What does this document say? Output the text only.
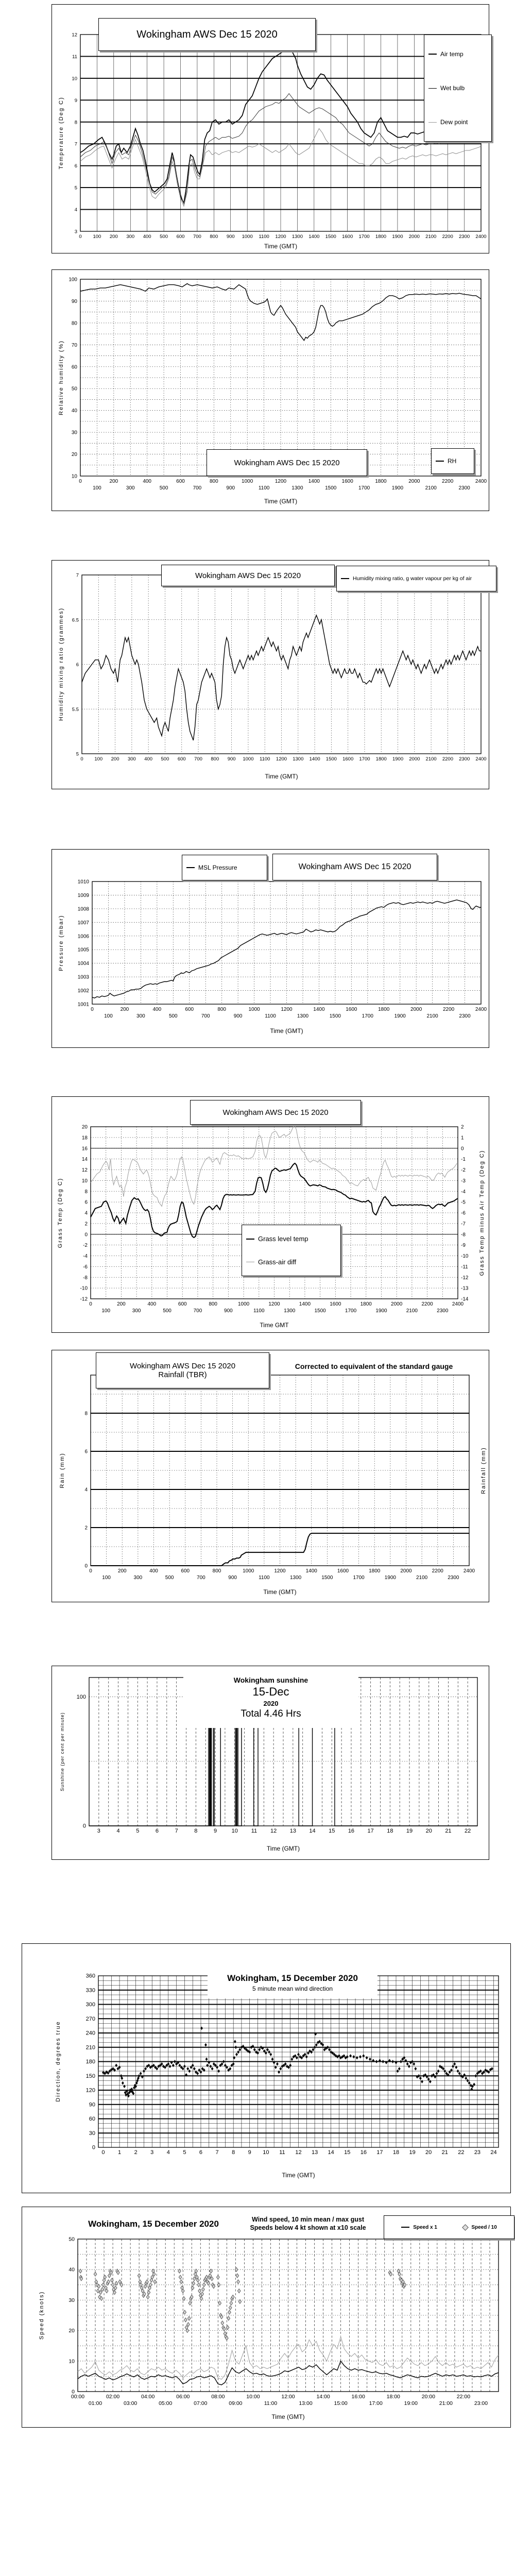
0 100 200 300 400 500 600 700 800 900 1000 1100 1200 1300 1400 1500 1600 1700 1800 1900 2000 2100 2200 2300 2400
3
4
5
6
7
8
9
10
11
12	Wokingham AWS Dec 15 2020
Air temp
Wet bulb
Dew point
Temperature (Deg C)
Time (GMT)
0
100
200
300
400
500
600
700
800
900
1000
1100
1200
1300
1400
1500
1600
1700
1800
1900
2000
2100
2200
2300
2400
10
20
30
40
50
60
70
80
90
100
Wokingham AWS Dec 15 2020	RH
Relative humidity (%)
Time (GMT)
0 100 200 300 400 500 600 700 800 900 1000 1100 1200 1300 1400 1500 1600 1700 1800 1900 2000 2100 2200 2300 2400
5
5.5
6
6.5
7	Wokingham AWS Dec 15 2020	Humidity mixing ratio, g water vapour per kg of air
Humidity mixing ratio (grammes)
Time (GMT)
0
100
200
300
400
500
600
700
800
900
1000
1100
1200
1300
1400
1500
1600
1700
1800
1900
2000
2100
2200
2300
2400
1001
1002
1003
1004
1005
1006
1007
1008
1009
1010
MSL Pressure	Wokingham AWS Dec 15 2020
Pressure (mbar)
Time (GMT)
0
100
200
300
400
500
600
700
800
900
1000
1100
1200
1300
1400
1500
1600
1700
1800
1900
2000
2100
2200
2300
2400
-12
-10
-8
-6
-4
-2
0
2
4
6
8
10
12
14
16
18
20
-14
-13
-12
-11
-10
-9
-8
-7
-6
-5
-4
-3
-2
-1
0
1
2
Wokingham AWS Dec 15 2020
Grass level temp
Grass-air diff
Grass Temp (Deg C)	Grass Temp minus Air Temp (Deg C)
Time GMT
0
100
200
300
400
500
600
700
800
900
1000
1100
1200
1300
1400
1500
1600
1700
1800
1900
2000
2100
2200
2300
2400
0
2
4
6
8
Wokingham AWS Dec 15 2020
Rainfall (TBR)
Corrected to equivalent of the standard gauge
Rain (mm)	Rainfall (mm)
Time (GMT)
3	4	5	6	7	8	9	10 11 12 13 14 15 16 17 18 19 20 21 22
0
100
Wokingham sunshine
15-Dec
2020
Total 4.46 Hrs
Sunshine (per cent per minute)
Time (GMT)
0 1 2 3 4 5 6 7 8 9 10 11 12 13 14 15 16 17 18 19 20 21 22 23 24
0
30
60
90
120
150
180
210
240
270
300
330
360	Wokingham, 15 December 2020
5 minute mean wind direction
Direction, degrees true
Time (GMT)
00:00
01:00
02:00
03:00
04:00
05:00
06:00
07:00
08:00
09:00
10:00
11:00
12:00
13:00
14:00
15:00
16:00
17:00
18:00
19:00
20:00
21:00
22:00
23:00
0
10
20
30
40
50
Wokingham, 15 December 2020	Wind speed, 10 min mean / max gust
Speeds below 4 kt shown at x10 scale	Speed x 1	Speed / 10
Speed (knots)
Time (GMT)
